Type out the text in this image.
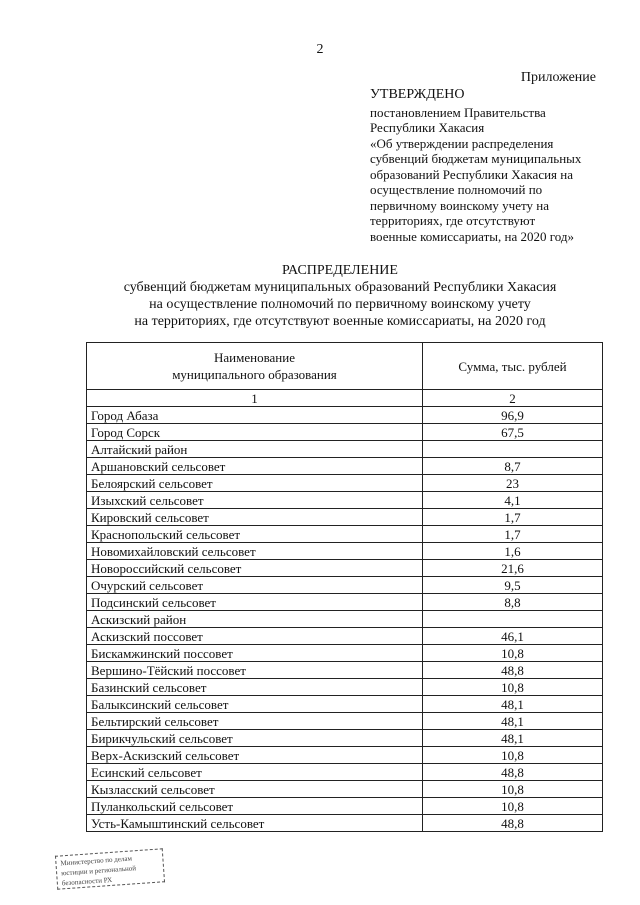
2
Приложение
УТВЕРЖДЕНО
постановлением Правительства
Республики Хакасия
«Об утверждении распределения
субвенций бюджетам муниципальных
образований Республики Хакасия на
осуществление полномочий по
первичному воинскому учету на
территориях, где отсутствуют
военные комиссариаты, на 2020 год»
РАСПРЕДЕЛЕНИЕ
субвенций бюджетам муниципальных образований Республики Хакасия
на осуществление полномочий по первичному воинскому учету
на территориях, где отсутствуют военные комиссариаты, на 2020 год
Наименование
муниципального образования	Сумма, тыс. рублей
1	2
Город Абаза	96,9
Город Сорск	67,5
Алтайский район	
Аршановский сельсовет	8,7
Белоярский сельсовет	23
Изыхский сельсовет	4,1
Кировский сельсовет	1,7
Краснопольский сельсовет	1,7
Новомихайловский сельсовет	1,6
Новороссийский сельсовет	21,6
Очурский сельсовет	9,5
Подсинский сельсовет	8,8
Аскизский район	
Аскизский поссовет	46,1
Бискамжинский поссовет	10,8
Вершино-Тёйский поссовет	48,8
Базинский сельсовет	10,8
Балыксинский сельсовет	48,1
Бельтирский сельсовет	48,1
Бирикчульский сельсовет	48,1
Верх-Аскизский сельсовет	10,8
Есинский сельсовет	48,8
Кызласский сельсовет	10,8
Пуланкольский сельсовет	10,8
Усть-Камыштинский сельсовет	48,8
Министерство по делам
юстиции и региональной
безопасности РХ
